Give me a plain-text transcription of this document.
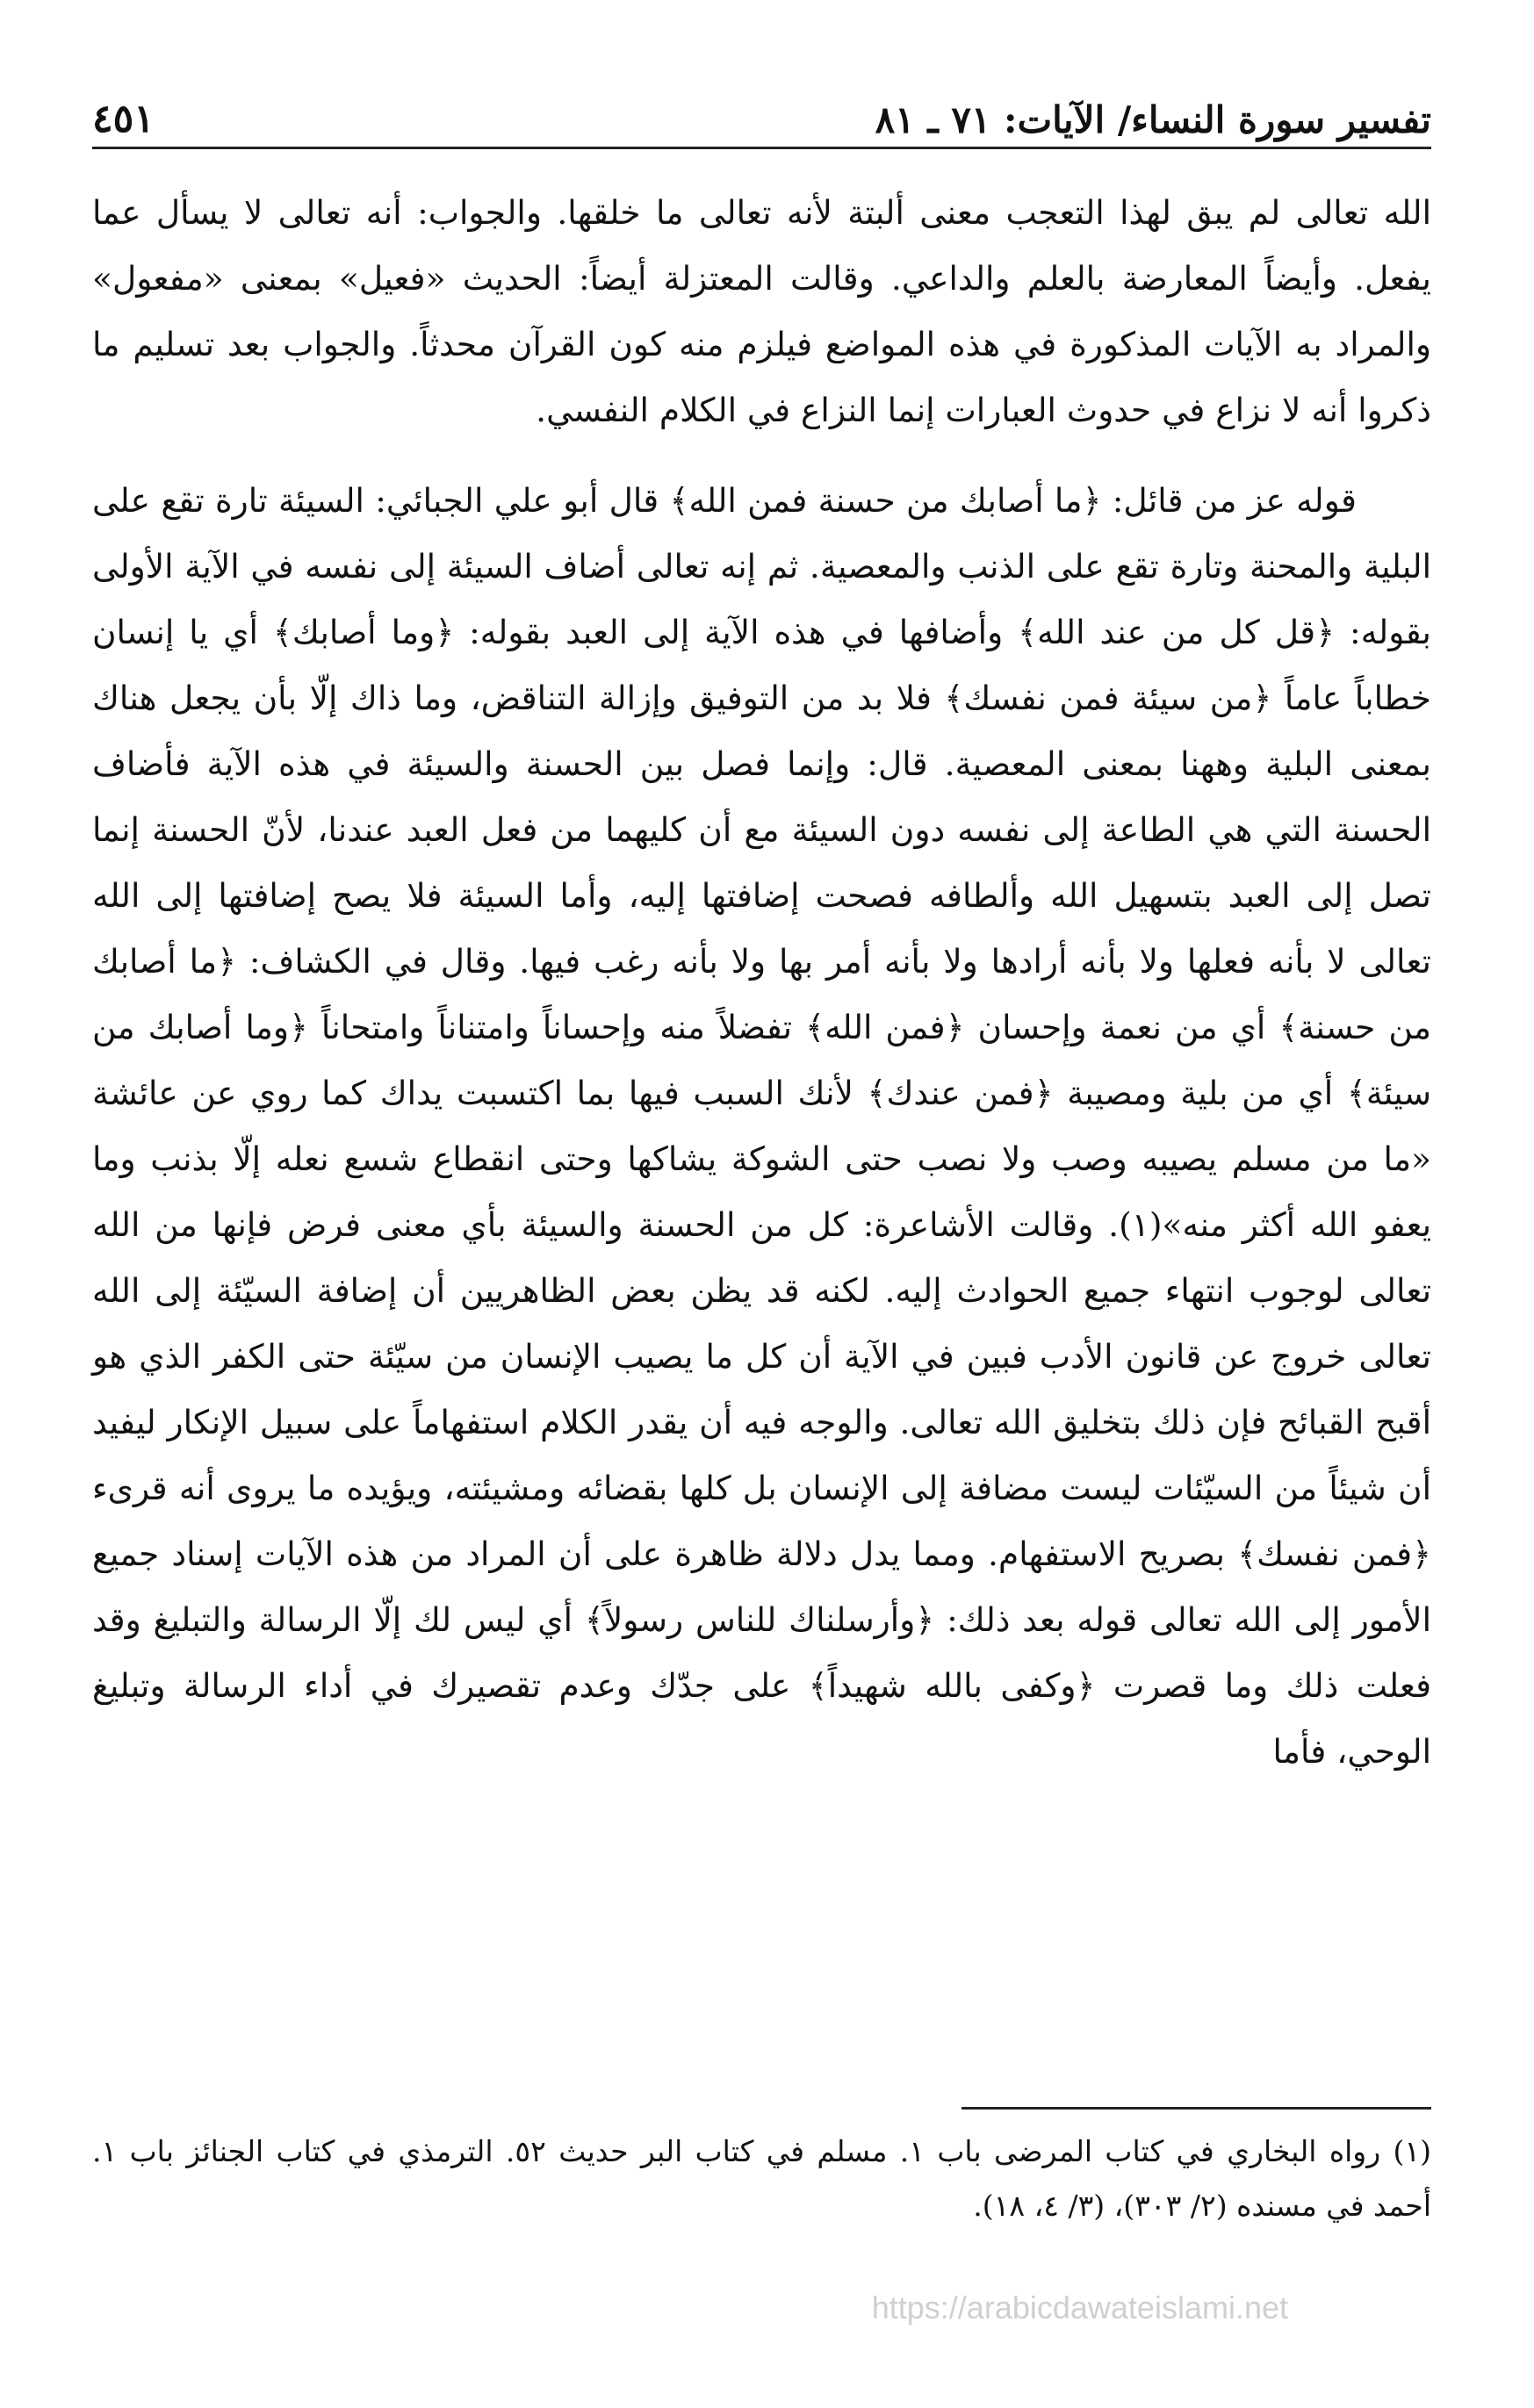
تفسير سورة النساء/ الآيات: ٧١ ـ ٨١
٤٥١

الله تعالى لم يبق لهذا التعجب معنى ألبتة لأنه تعالى ما خلقها. والجواب: أنه تعالى لا يسأل عما يفعل. وأيضاً المعارضة بالعلم والداعي. وقالت المعتزلة أيضاً: الحديث «فعيل» بمعنى «مفعول» والمراد به الآيات المذكورة في هذه المواضع فيلزم منه كون القرآن محدثاً. والجواب بعد تسليم ما ذكروا أنه لا نزاع في حدوث العبارات إنما النزاع في الكلام النفسي.

قوله عز من قائل: ﴿ما أصابك من حسنة فمن الله﴾ قال أبو علي الجبائي: السيئة تارة تقع على البلية والمحنة وتارة تقع على الذنب والمعصية. ثم إنه تعالى أضاف السيئة إلى نفسه في الآية الأولى بقوله: ﴿قل كل من عند الله﴾ وأضافها في هذه الآية إلى العبد بقوله: ﴿وما أصابك﴾ أي يا إنسان خطاباً عاماً ﴿من سيئة فمن نفسك﴾ فلا بد من التوفيق وإزالة التناقض، وما ذاك إلّا بأن يجعل هناك بمعنى البلية وههنا بمعنى المعصية. قال: وإنما فصل بين الحسنة والسيئة في هذه الآية فأضاف الحسنة التي هي الطاعة إلى نفسه دون السيئة مع أن كليهما من فعل العبد عندنا، لأنّ الحسنة إنما تصل إلى العبد بتسهيل الله وألطافه فصحت إضافتها إليه، وأما السيئة فلا يصح إضافتها إلى الله تعالى لا بأنه فعلها ولا بأنه أرادها ولا بأنه أمر بها ولا بأنه رغب فيها. وقال في الكشاف: ﴿ما أصابك من حسنة﴾ أي من نعمة وإحسان ﴿فمن الله﴾ تفضلاً منه وإحساناً وامتناناً وامتحاناً ﴿وما أصابك من سيئة﴾ أي من بلية ومصيبة ﴿فمن عندك﴾ لأنك السبب فيها بما اكتسبت يداك كما روي عن عائشة «ما من مسلم يصيبه وصب ولا نصب حتى الشوكة يشاكها وحتى انقطاع شسع نعله إلّا بذنب وما يعفو الله أكثر منه»(١). وقالت الأشاعرة: كل من الحسنة والسيئة بأي معنى فرض فإنها من الله تعالى لوجوب انتهاء جميع الحوادث إليه. لكنه قد يظن بعض الظاهريين أن إضافة السيّئة إلى الله تعالى خروج عن قانون الأدب فبين في الآية أن كل ما يصيب الإنسان من سيّئة حتى الكفر الذي هو أقبح القبائح فإن ذلك بتخليق الله تعالى. والوجه فيه أن يقدر الكلام استفهاماً على سبيل الإنكار ليفيد أن شيئاً من السيّئات ليست مضافة إلى الإنسان بل كلها بقضائه ومشيئته، ويؤيده ما يروى أنه قرىء ﴿فمن نفسك﴾ بصريح الاستفهام. ومما يدل دلالة ظاهرة على أن المراد من هذه الآيات إسناد جميع الأمور إلى الله تعالى قوله بعد ذلك: ﴿وأرسلناك للناس رسولاً﴾ أي ليس لك إلّا الرسالة والتبليغ وقد فعلت ذلك وما قصرت ﴿وكفى بالله شهيداً﴾ على جدّك وعدم تقصيرك في أداء الرسالة وتبليغ الوحي، فأما

(١) رواه البخاري في كتاب المرضى باب ١. مسلم في كتاب البر حديث ٥٢. الترمذي في كتاب الجنائز باب ١. أحمد في مسنده (٢/ ٣٠٣)، (٣/ ٤، ١٨).

https://arabicdawateislami.net
